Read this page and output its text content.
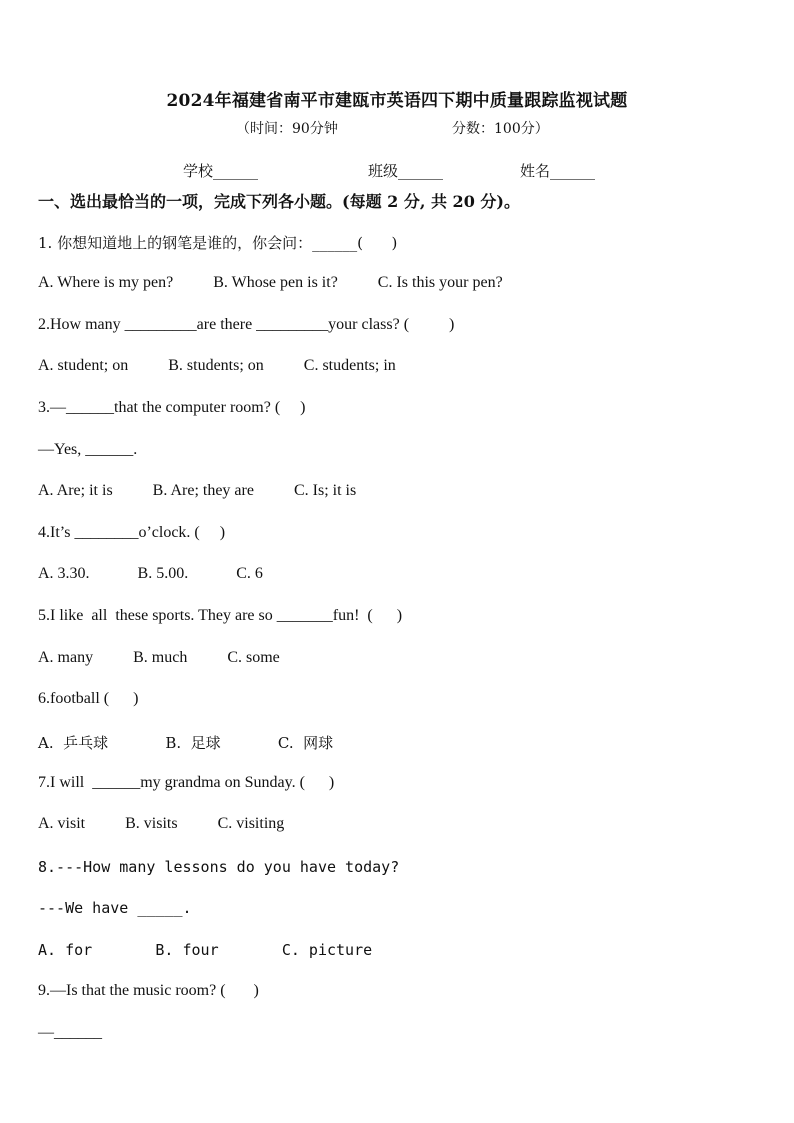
2024年福建省南平市建瓯市英语四下期中质量跟踪监视试题
（时间：90分钟	分数：100分）
学校______	班级______	姓名______
一、选出最恰当的一项，完成下列各小题。(每题 2 分, 共 20 分)。
1. 你想知道地上的钢笔是谁的，你会问：______(      )
A. Where is my pen?          B. Whose pen is it?          C. Is this your pen?
2.How many _________are there _________your class? (          )
A. student; on          B. students; on          C. students; in
3.—______that the computer room? (     )
—Yes, ______.
A. Are; it is          B. Are; they are          C. Is; it is
4.It’s ________o’clock. (     )
A. 3.30.            B. 5.00.            C. 6
5.I like  all  these sports. They are so _______fun!  (      )
A. many          B. much          C. some
6.football (      )
A.  乒乓球            B.  足球            C.  网球
7.I will  ______my grandma on Sunday. (      )
A. visit          B. visits          C. visiting
8.---How many lessons do you have today?
---We have _____.
A. for       B. four       C. picture
9.—Is that the music room? (       )
—______
